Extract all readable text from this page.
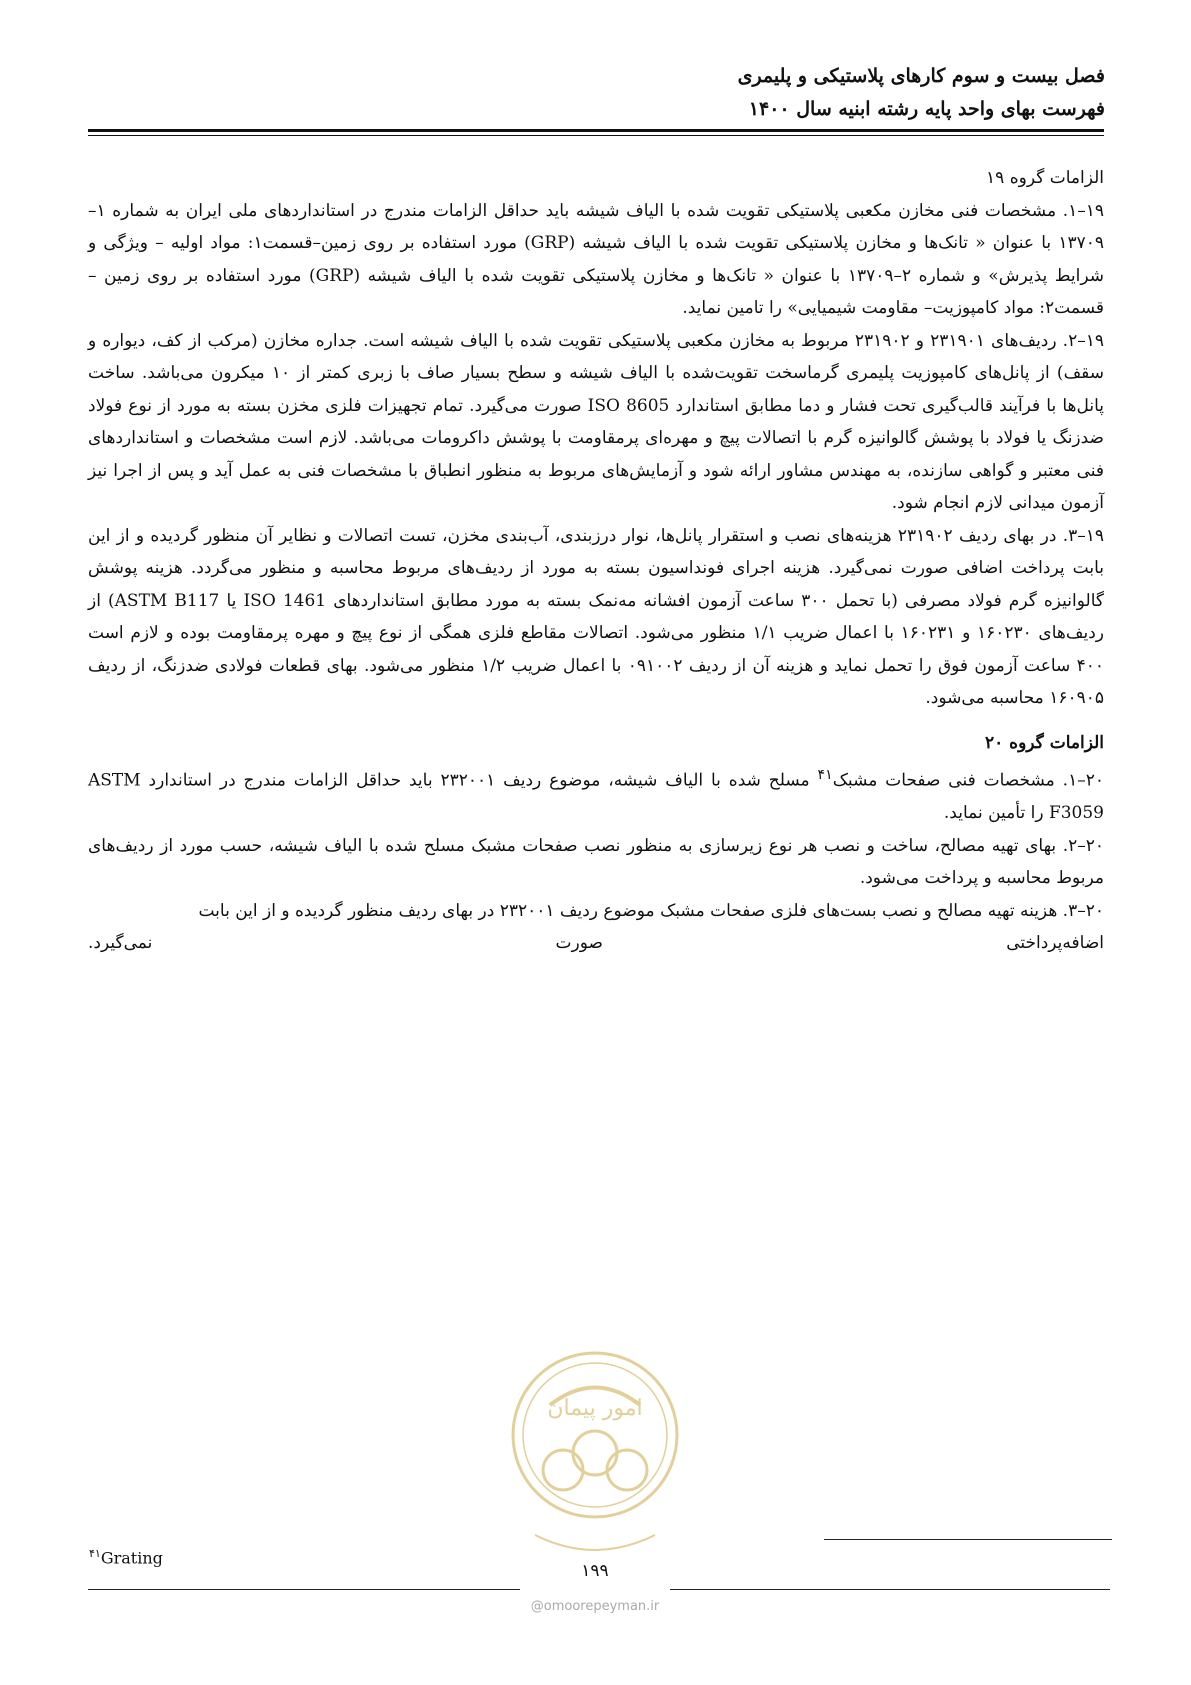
فصل بیست و سوم کارهای پلاستیکی و پلیمری
فهرست بهای واحد پایه رشته ابنیه سال ۱۴۰۰

الزامات گروه ۱۹

۱۹–۱. مشخصات فنی مخازن مکعبی پلاستیکی تقویت شده با الیاف شیشه باید حداقل الزامات مندرج در استانداردهای ملی ایران به شماره ۱–۱۳۷۰۹ با عنوان « تانک‌ها و مخازن پلاستیکی تقویت شده با الیاف شیشه (GRP) مورد استفاده بر روی زمین–قسمت۱: مواد اولیه – ویژگی و شرایط پذیرش» و شماره ۲–۱۳۷۰۹ با عنوان « تانک‌ها و مخازن پلاستیکی تقویت شده با الیاف شیشه (GRP) مورد استفاده بر روی زمین – قسمت۲: مواد کامپوزیت– مقاومت شیمیایی» را تامین نماید.

۱۹–۲. ردیف‌های ۲۳۱۹۰۱ و ۲۳۱۹۰۲ مربوط به مخازن مکعبی پلاستیکی تقویت شده با الیاف شیشه است. جداره مخازن (مرکب از کف، دیواره و سقف) از پانل‌های کامپوزیت پلیمری گرماسخت تقویت‌شده با الیاف شیشه و سطح بسیار صاف با زبری کمتر از ۱۰ میکرون می‌باشد. ساخت پانل‌ها با فرآیند قالب‌گیری تحت فشار و دما مطابق استاندارد ISO 8605 صورت می‌گیرد. تمام تجهیزات فلزی مخزن بسته به مورد از نوع فولاد ضدزنگ یا فولاد با پوشش گالوانیزه گرم با اتصالات پیچ و مهره‌ای پرمقاومت با پوشش داکرومات می‌باشد. لازم است مشخصات و استانداردهای فنی معتبر و گواهی سازنده، به مهندس مشاور ارائه شود و آزمایش‌های مربوط به منظور انطباق با مشخصات فنی به عمل آید و پس از اجرا نیز آزمون میدانی لازم انجام شود.

۱۹–۳. در بهای ردیف ۲۳۱۹۰۲ هزینه‌های نصب و استقرار پانل‌ها، نوار درزبندی، آب‌بندی مخزن، تست اتصالات و نظایر آن منظور گردیده و از این بابت پرداخت اضافی صورت نمی‌گیرد. هزینه اجرای فونداسیون بسته به مورد از ردیف‌های مربوط محاسبه و منظور می‌گردد. هزینه پوشش گالوانیزه گرم فولاد مصرفی (با تحمل ۳۰۰ ساعت آزمون افشانه مه‌نمک بسته به مورد مطابق استانداردهای ISO 1461 یا ASTM B117) از ردیف‌های ۱۶۰۲۳۰ و ۱۶۰۲۳۱ با اعمال ضریب ۱/۱ منظور می‌شود. اتصالات مقاطع فلزی همگی از نوع پیچ و مهره پرمقاومت بوده و لازم است ۴۰۰ ساعت آزمون فوق را تحمل نماید و هزینه آن از ردیف ۰۹۱۰۰۲ با اعمال ضریب ۱/۲ منظور می‌شود. بهای قطعات فولادی ضدزنگ، از ردیف ۱۶۰۹۰۵ محاسبه می‌شود.

الزامات گروه ۲۰

۲۰–۱. مشخصات فنی صفحات مشبک$^{۴۱}$ مسلح شده با الیاف شیشه، موضوع ردیف ۲۳۲۰۰۱ باید حداقل الزامات مندرج در استاندارد ASTM F3059 را تأمین نماید.

۲۰–۲. بهای تهیه مصالح، ساخت و نصب هر نوع زیرسازی به منظور نصب صفحات مشبک مسلح شده با الیاف شیشه، حسب مورد از ردیف‌های مربوط محاسبه و پرداخت می‌شود.

۲۰–۳. هزینه تهیه مصالح و نصب بست‌های فلزی صفحات مشبک موضوع ردیف ۲۳۲۰۰۱ در بهای ردیف منظور گردیده و از این بابت

اضافه‌پرداختی
صورت
نمی‌گیرد.
امور پیمان
$^{۴۱}$Grating
۱۹۹
@omoorepeyman.ir
